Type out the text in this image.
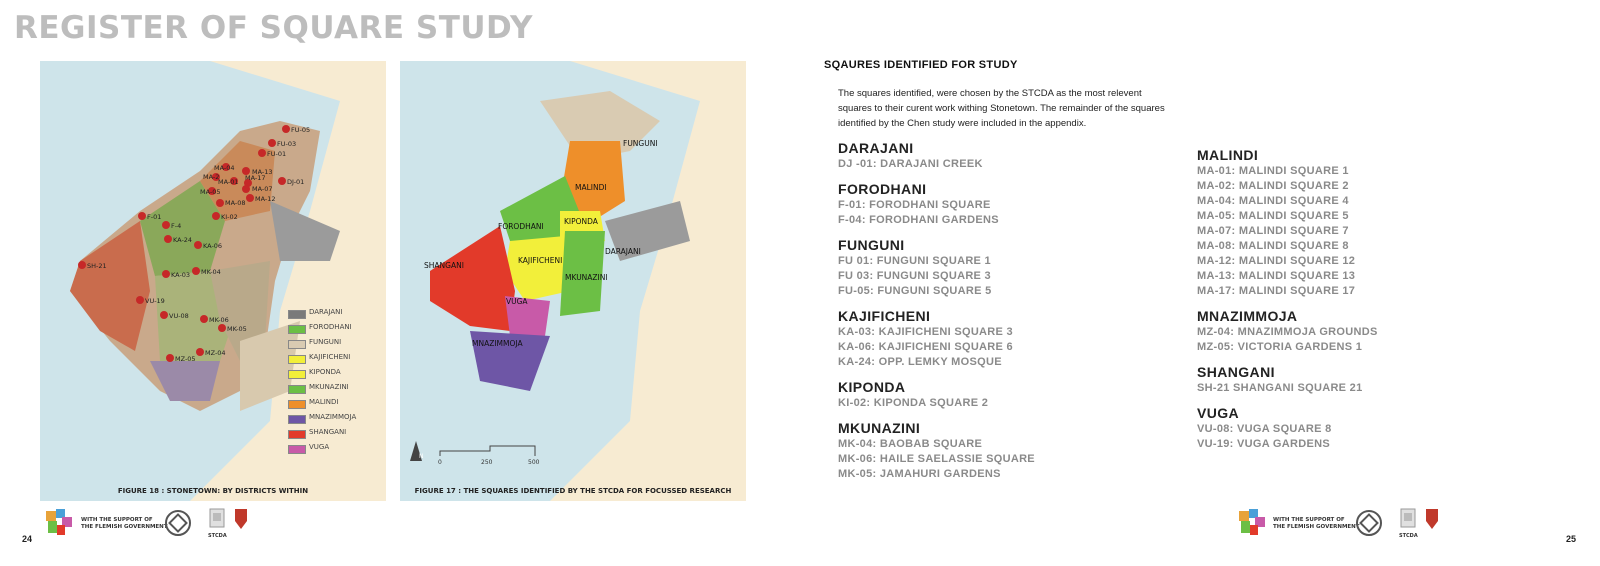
REGISTER OF SQUARE STUDY
FU-05
FU-03
FU-01
MA-04	MA-13
MA-2	MA-17
MA-01
MA-05	MA-07
DJ-01
MA-12
MA-08
F-01
F-4
KI-02
KA-24
KA-06
SH-21
KA-03 MK-04
VU-19
VU-08	MK-06
MK-05
MZ-04
MZ-05
DARAJANI
FORODHANI
FUNGUNI
KAJIFICHENI
KIPONDA
MKUNAZINI
MALINDI
MNAZIMMOJA
SHANGANI
VUGA
FIGURE 18 : STONETOWN: BY DISTRICTS WITHIN
FUNGUNI
MALINDI
FORODHANI
KIPONDA
DARAJANI
SHANGANI
KAJIFICHENI
MKUNAZINI
VUGA
MNAZIMMOJA
N
0	250	500
FIGURE 17 : THE SQUARES IDENTIFIED BY THE STCDA FOR FOCUSSED RESEARCH
SQAURES IDENTIFIED FOR STUDY
The squares identified, were chosen by the STCDA as the most relevent squares to their curent work withing Stonetown. The remainder of the squares identified by the Chen study were included in the appendix.
DARAJANI
DJ -01: DARAJANI CREEK
FORODHANI
F-01: FORODHANI SQUARE
F-04: FORODHANI GARDENS
FUNGUNI
FU 01: FUNGUNI SQUARE 1
FU 03: FUNGUNI SQUARE 3
FU-05: FUNGUNI SQUARE 5
KAJIFICHENI
KA-03: KAJIFICHENI SQUARE 3
KA-06: KAJIFICHENI SQUARE 6
KA-24: OPP. LEMKY MOSQUE
KIPONDA
KI-02: KIPONDA SQUARE 2
MKUNAZINI
MK-04: BAOBAB SQUARE
MK-06: HAILE SAELASSIE SQUARE
MK-05: JAMAHURI GARDENS
MALINDI
MA-01: MALINDI SQUARE 1
MA-02: MALINDI SQUARE 2
MA-04: MALINDI SQUARE 4
MA-05: MALINDI SQUARE 5
MA-07: MALINDI SQUARE 7
MA-08: MALINDI SQUARE 8
MA-12: MALINDI SQUARE 12
MA-13: MALINDI SQUARE 13
MA-17: MALINDI SQUARE 17
MNAZIMMOJA
MZ-04: MNAZIMMOJA GROUNDS
MZ-05: VICTORIA GARDENS 1
SHANGANI
SH-21 SHANGANI SQUARE 21
VUGA
VU-08: VUGA SQUARE 8
VU-19: VUGA GARDENS
WITH THE SUPPORT OF
THE FLEMISH GOVERNMENT
STCDA
24
WITH THE SUPPORT OF
THE FLEMISH GOVERNMENT
STCDA	25
